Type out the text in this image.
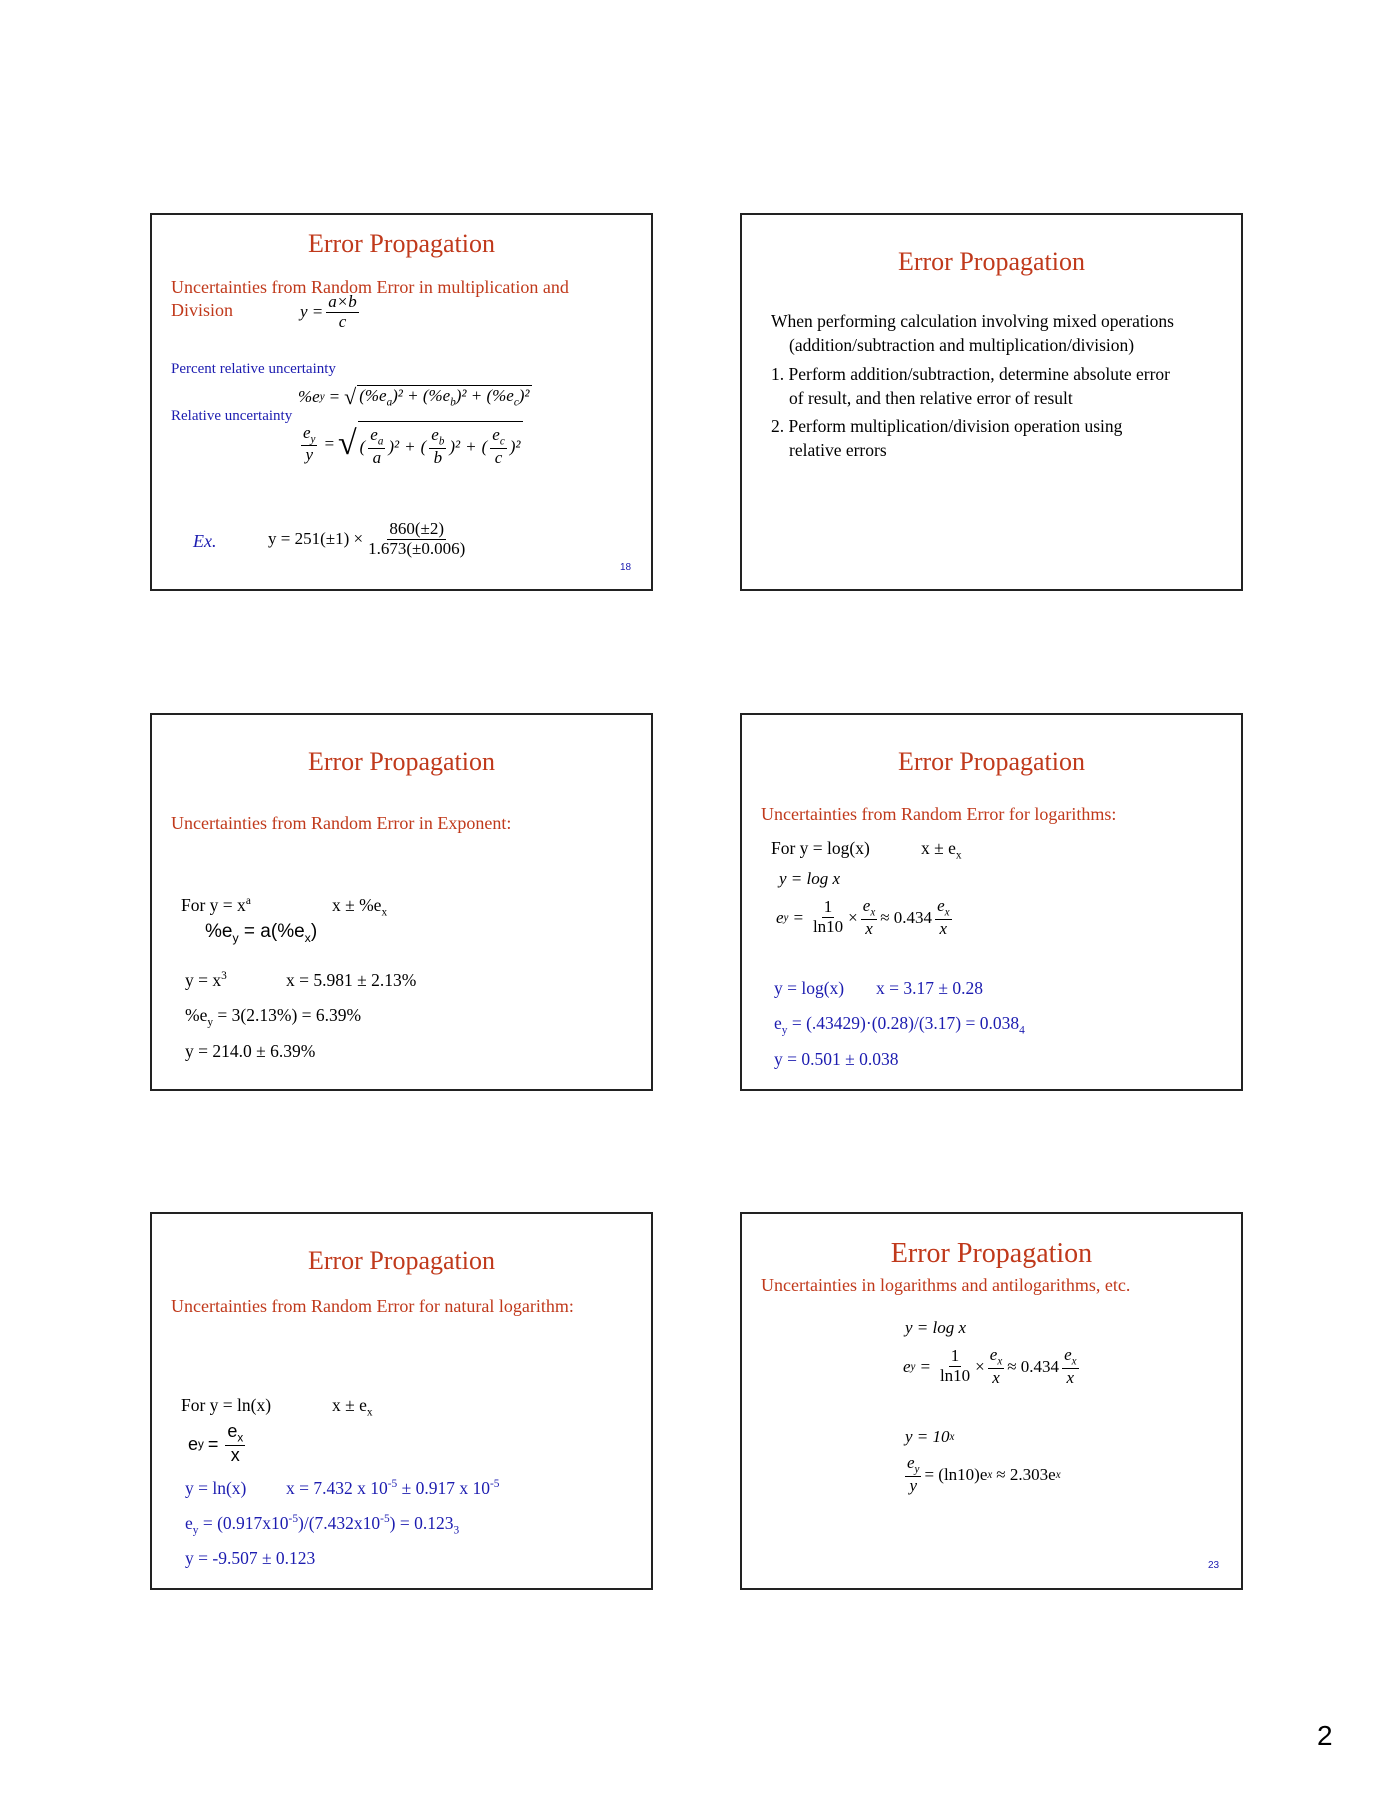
Error Propagation
Uncertainties from Random Error in multiplication and
Division	$y = \frac{a\times b}{c}$
Percent relative uncertainty
%e y = √ $(\%e_a)^2 + (\%e_b)^2 + (\%e_c)^2$
Relative uncertainty
$\frac{e_y}{y}$ = √ ( $\frac{e_a}{a} )^2$ + ( $\frac{e_b}{b} )^2$ + ( $\frac{e_c}{c} )^2$
Ex.	$y = 251(\pm 1) \times \frac{860(\pm 2)}{1.673(\pm 0.006)}$
18
Error Propagation
When performing calculation involving mixed operations
(addition/subtraction and multiplication/division)
1. Perform addition/subtraction, determine absolute error
of result, and then relative error of result
2. Perform multiplication/division operation using
relative errors
Error Propagation
Uncertainties from Random Error in Exponent:
For $y = x^a$	$x \pm \%e_x$
$\%e_y = a(\%e_x)$
$y = x^3$	x = 5.981 ± 2.13%
$\%e_y = 3(2.13\%) = 6.39\%$
y = 214.0 ± 6.39%
Error Propagation
Uncertainties from Random Error for logarithms:
For y = log(x)	$x \pm e_x$
y = log x
e $y = \frac{1}{\ln 10} \times \frac{e_x}{x} \approx 0.434 \frac{e_x}{x}$
y = log(x) x = 3.17 ± 0.28
$e_y = (.43429)\cdot(0.28)/(3.17) = 0.038_4$
y = 0.501 ± 0.038
Error Propagation
Uncertainties from Random Error for natural logarithm:
For y = ln(x)	$x \pm e_x$
e $y = \frac{e_x}{x}$
y = ln(x) x = 7.432 x $10^{-5} \pm 0.917$ x $10^{-5}$
$e_y = (0.917x10^{-5})/(7.432x10^{-5}) = 0.123_3$
y = -9.507 ± 0.123
Error Propagation
Uncertainties in logarithms and antilogarithms, etc.
y = log x
e $y = \frac{1}{\ln 10} \times \frac{e_x}{x} \approx 0.434 \frac{e_x}{x}$
y = 10 x
$\frac{e_y}{y} = (\ln 10)e$ x ≈ 2.303e x
23
2
